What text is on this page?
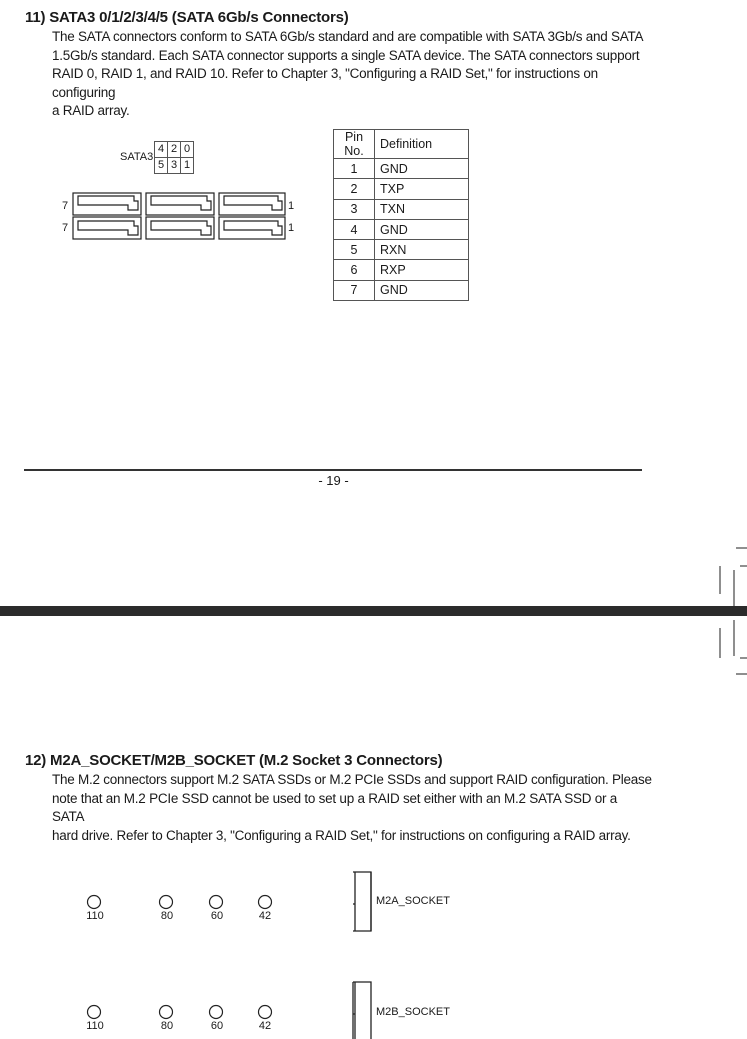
11) SATA3 0/1/2/3/4/5 (SATA 6Gb/s Connectors)
The SATA connectors conform to SATA 6Gb/s standard and are compatible with SATA 3Gb/s and SATA
1.5Gb/s standard. Each SATA connector supports a single SATA device. The SATA connectors support
RAID 0, RAID 1, and RAID 10. Refer to Chapter 3, "Configuring a RAID Set," for instructions on configuring
a RAID array.
SATA3
4 2 0
5 3 1
7
7
1
1
Pin No.	Definition
1	GND
2	TXP
3	TXN
4	GND
5	RXN
6	RXP
7	GND
- 19 -
12) M2A_SOCKET/M2B_SOCKET (M.2 Socket 3 Connectors)
The M.2 connectors support M.2 SATA SSDs or M.2 PCIe SSDs and support RAID configuration. Please
note that an M.2 PCIe SSD cannot be used to set up a RAID set either with an M.2 SATA SSD or a SATA
hard drive. Refer to Chapter 3, "Configuring a RAID Set," for instructions on configuring a RAID array.
110	80	60	42
M2A_SOCKET
110	80	60	42
M2B_SOCKET
